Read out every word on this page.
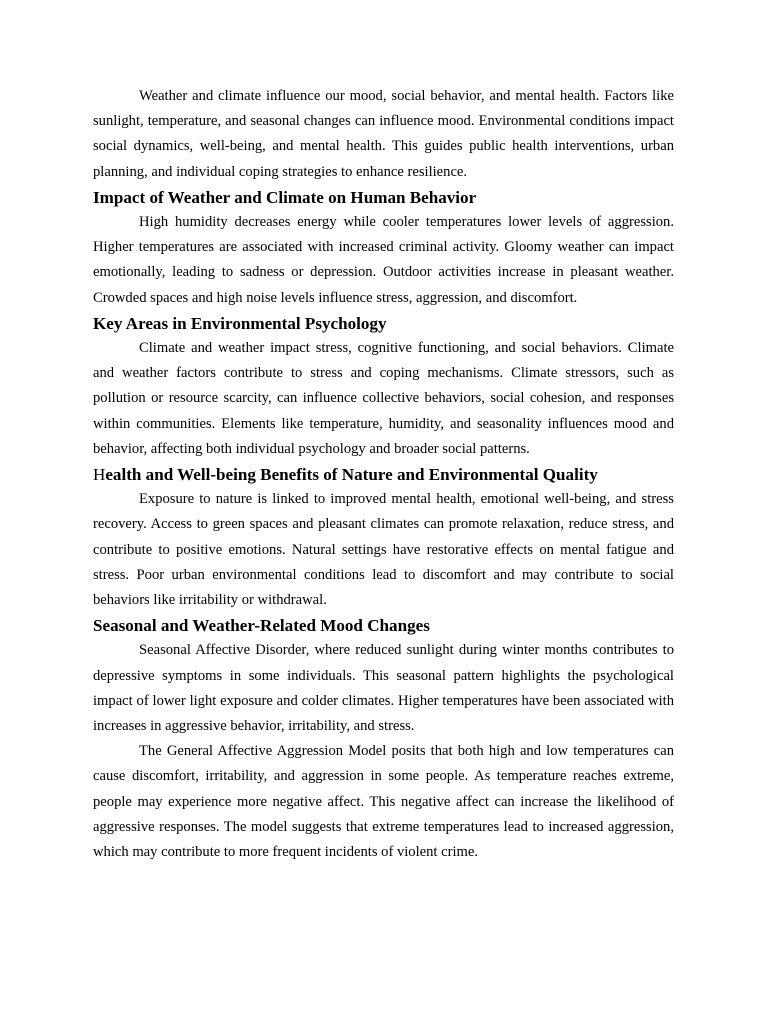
Weather and climate influence our mood, social behavior, and mental health. Factors like sunlight, temperature, and seasonal changes can influence mood. Environmental conditions impact social dynamics, well-being, and mental health. This guides public health interventions, urban planning, and individual coping strategies to enhance resilience.

Impact of Weather and Climate on Human Behavior

High humidity decreases energy while cooler temperatures lower levels of aggression. Higher temperatures are associated with increased criminal activity. Gloomy weather can impact emotionally, leading to sadness or depression. Outdoor activities increase in pleasant weather. Crowded spaces and high noise levels influence stress, aggression, and discomfort.

Key Areas in Environmental Psychology

Climate and weather impact stress, cognitive functioning, and social behaviors. Climate and weather factors contribute to stress and coping mechanisms. Climate stressors, such as pollution or resource scarcity, can influence collective behaviors, social cohesion, and responses within communities. Elements like temperature, humidity, and seasonality influences mood and behavior, affecting both individual psychology and broader social patterns.

Health and Well-being Benefits of Nature and Environmental Quality

Exposure to nature is linked to improved mental health, emotional well-being, and stress recovery. Access to green spaces and pleasant climates can promote relaxation, reduce stress, and contribute to positive emotions. Natural settings have restorative effects on mental fatigue and stress. Poor urban environmental conditions lead to discomfort and may contribute to social behaviors like irritability or withdrawal.

Seasonal and Weather-Related Mood Changes

Seasonal Affective Disorder, where reduced sunlight during winter months contributes to depressive symptoms in some individuals. This seasonal pattern highlights the psychological impact of lower light exposure and colder climates. Higher temperatures have been associated with increases in aggressive behavior, irritability, and stress.

The General Affective Aggression Model posits that both high and low temperatures can cause discomfort, irritability, and aggression in some people. As temperature reaches extreme, people may experience more negative affect. This negative affect can increase the likelihood of aggressive responses. The model suggests that extreme temperatures lead to increased aggression, which may contribute to more frequent incidents of violent crime.
